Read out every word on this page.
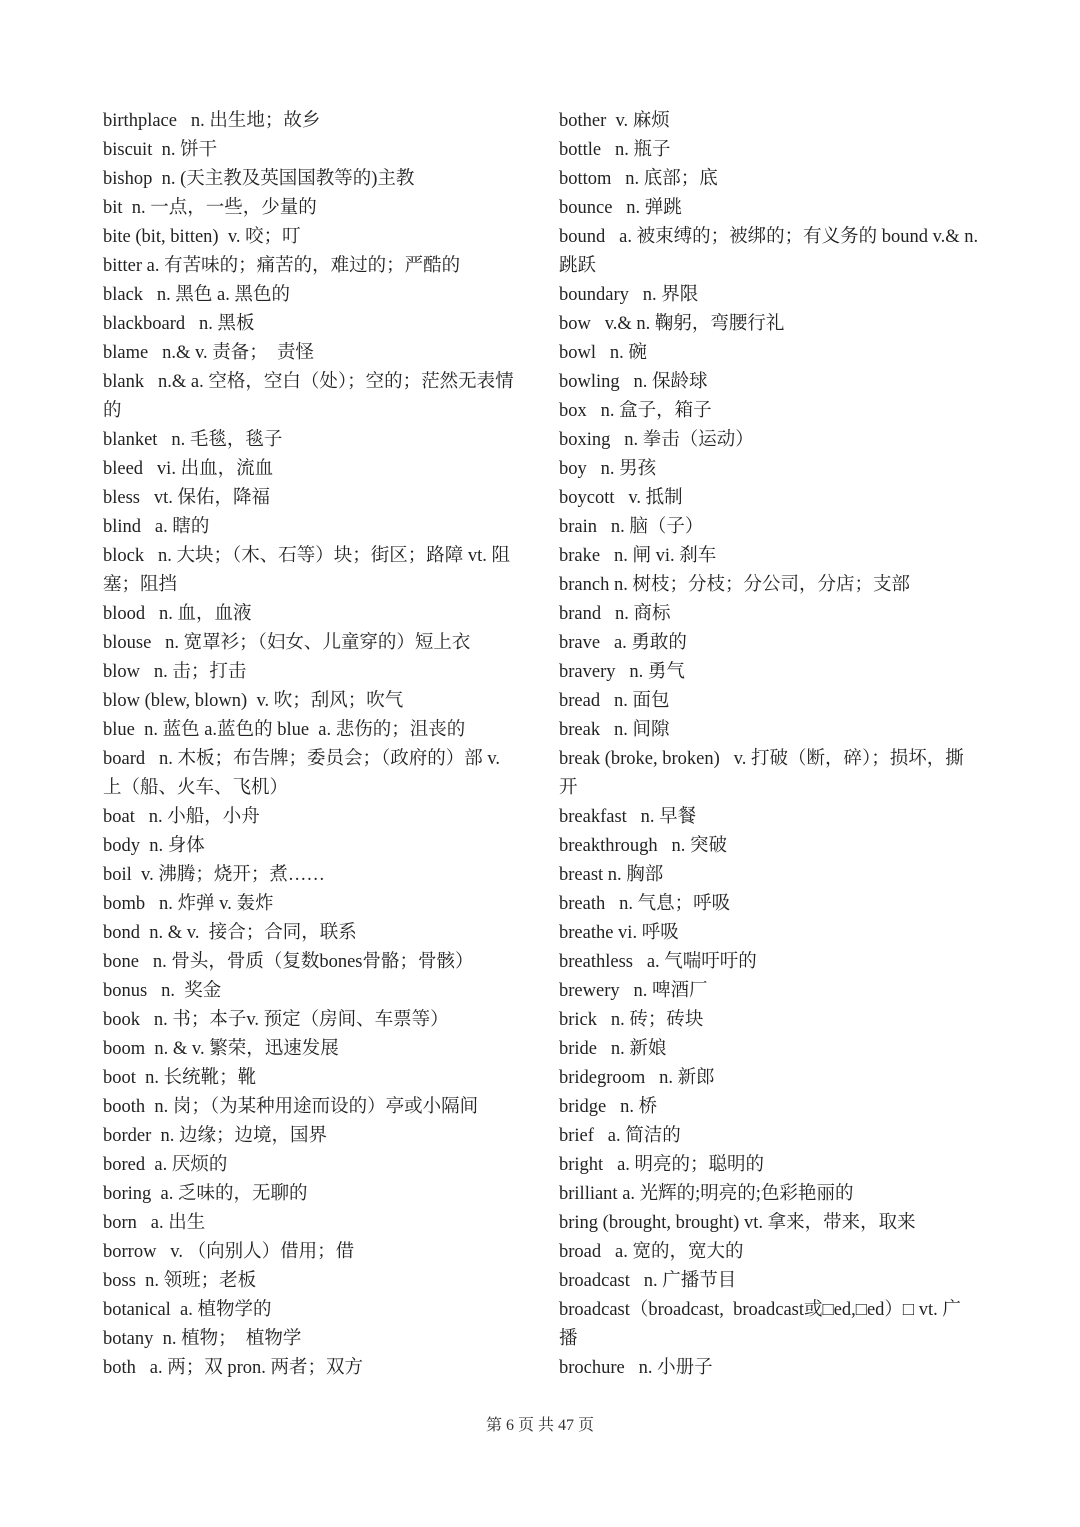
birthplace   n. 出生地；故乡
biscuit  n. 饼干
bishop  n. (天主教及英国国教等的)主教
bit  n. 一点，一些，少量的
bite (bit, bitten)  v. 咬；叮
bitter a. 有苦味的；痛苦的，难过的；严酷的
black   n. 黑色 a. 黑色的
blackboard   n. 黑板
blame   n.& v. 责备；  责怪
blank   n.& a. 空格，空白（处）；空的；茫然无表情的
blanket   n. 毛毯，毯子
bleed   vi. 出血，流血
bless   vt. 保佑，降福
blind   a. 瞎的
block   n. 大块；（木、石等）块；街区；路障 vt. 阻塞；阻挡
blood   n. 血，血液
blouse   n. 宽罩衫；（妇女、儿童穿的）短上衣
blow   n. 击；打击
blow (blew, blown)  v. 吹；刮风；吹气
blue  n. 蓝色 a.蓝色的 blue  a. 悲伤的；沮丧的
board   n. 木板；布告牌；委员会；（政府的）部 v. 上（船、火车、飞机）
boat   n. 小船，小舟
body  n. 身体
boil  v. 沸腾；烧开；煮……
bomb   n. 炸弹 v. 轰炸
bond  n. & v.  接合；合同，联系
bone   n. 骨头，骨质（复数bones骨骼；骨骸）
bonus   n.  奖金
book   n. 书；本子v. 预定（房间、车票等）
boom  n. & v. 繁荣，迅速发展
boot  n. 长统靴；靴
booth  n. 岗；（为某种用途而设的）亭或小隔间
border  n. 边缘；边境，国界
bored  a. 厌烦的
boring  a. 乏味的，无聊的
born   a. 出生
borrow   v. （向别人）借用；借
boss  n. 领班；老板
botanical  a. 植物学的
botany  n. 植物；  植物学
both   a. 两；双 pron. 两者；双方
bother  v. 麻烦
bottle   n. 瓶子
bottom   n. 底部；底
bounce   n. 弹跳
bound   a. 被束缚的；被绑的；有义务的 bound v.& n. 跳跃
boundary   n. 界限
bow   v.& n. 鞠躬，弯腰行礼
bowl   n. 碗
bowling   n. 保龄球
box   n. 盒子，箱子
boxing   n. 拳击（运动）
boy   n. 男孩
boycott   v. 抵制
brain   n. 脑（子）
brake   n. 闸 vi. 刹车
branch n. 树枝；分枝；分公司，分店；支部
brand   n. 商标
brave   a. 勇敢的
bravery   n. 勇气
bread   n. 面包
break   n. 间隙
break (broke, broken)   v. 打破（断，碎）；损坏，撕开
breakfast   n. 早餐
breakthrough   n. 突破
breast n. 胸部
breath   n. 气息；呼吸
breathe vi. 呼吸
breathless   a. 气喘吁吁的
brewery   n. 啤酒厂
brick   n. 砖；砖块
bride   n. 新娘
bridegroom   n. 新郎
bridge   n. 桥
brief   a. 简洁的
bright   a. 明亮的；聪明的
brilliant a. 光辉的;明亮的;色彩艳丽的
bring (brought, brought) vt. 拿来，带来，取来
broad   a. 宽的，宽大的
broadcast   n. 广播节目
broadcast（broadcast,  broadcast或□ed,□ed）□ vt. 广播
brochure   n. 小册子
第 6 页 共 47 页
